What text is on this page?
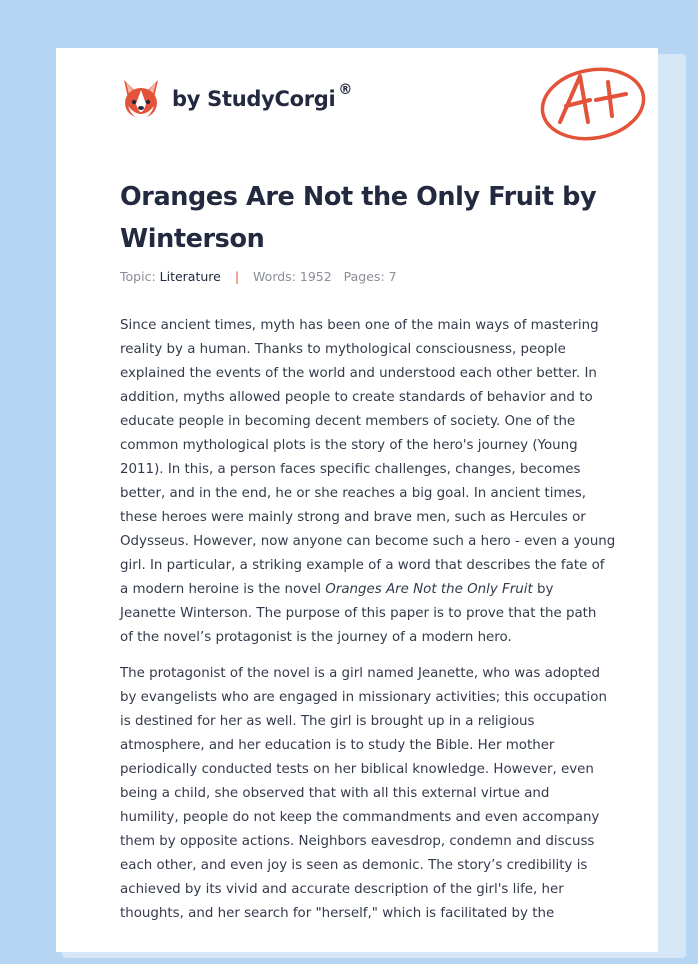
by StudyCorgi ®
Oranges Are Not the Only Fruit by
Winterson
Topic: Literature | Words: 1952 Pages: 7

Since ancient times, myth has been one of the main ways of mastering
reality by a human. Thanks to mythological consciousness, people
explained the events of the world and understood each other better. In
addition, myths allowed people to create standards of behavior and to
educate people in becoming decent members of society. One of the
common mythological plots is the story of the hero's journey (Young
2011). In this, a person faces specific challenges, changes, becomes
better, and in the end, he or she reaches a big goal. In ancient times,
these heroes were mainly strong and brave men, such as Hercules or
Odysseus. However, now anyone can become such a hero - even a young
girl. In particular, a striking example of a word that describes the fate of
a modern heroine is the novel Oranges Are Not the Only Fruit by
Jeanette Winterson. The purpose of this paper is to prove that the path
of the novel’s protagonist is the journey of a modern hero.

The protagonist of the novel is a girl named Jeanette, who was adopted
by evangelists who are engaged in missionary activities; this occupation
is destined for her as well. The girl is brought up in a religious
atmosphere, and her education is to study the Bible. Her mother
periodically conducted tests on her biblical knowledge. However, even
being a child, she observed that with all this external virtue and
humility, people do not keep the commandments and even accompany
them by opposite actions. Neighbors eavesdrop, condemn and discuss
each other, and even joy is seen as demonic. The story’s credibility is
achieved by its vivid and accurate description of the girl's life, her
thoughts, and her search for "herself," which is facilitated by the
